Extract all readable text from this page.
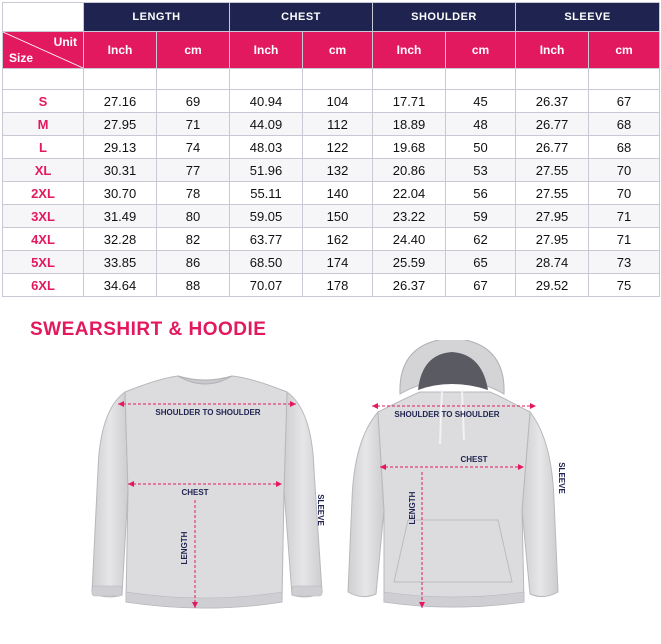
	LENGTH		CHEST		SHOULDER		SLEEVE	

Unit
Size	Inch	cm	Inch	cm	Inch	cm	Inch	cm

S	27.16	69	40.94	104	17.71	45	26.37	67
M	27.95	71	44.09	112	18.89	48	26.77	68
L	29.13	74	48.03	122	19.68	50	26.77	68
XL	30.31	77	51.96	132	20.86	53	27.55	70
2XL	30.70	78	55.11	140	22.04	56	27.55	70
3XL	31.49	80	59.05	150	23.22	59	27.95	71
4XL	32.28	82	63.77	162	24.40	62	27.95	71
5XL	33.85	86	68.50	174	25.59	65	28.74	73
6XL	34.64	88	70.07	178	26.37	67	29.52	75
SWEARSHIRT & HOODIE
SHOULDER TO SHOULDER
CHEST
LENGTH
SLEEVE
SHOULDER TO SHOULDER
CHEST
LENGTH
SLEEVE
